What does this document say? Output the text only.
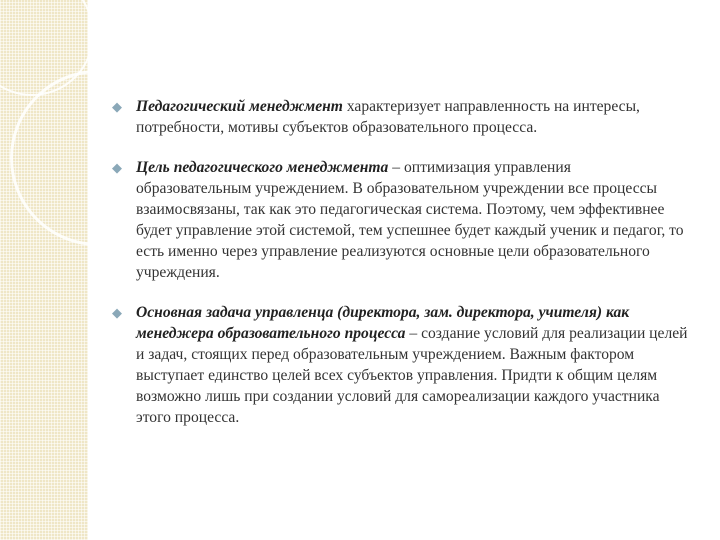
◆ Педагогический менеджмент характеризует направленность на интересы, потребности, мотивы субъектов образовательного процесса.
◆ Цель педагогического менеджмента – оптимизация управления образовательным учреждением. В образовательном учреждении все процессы взаимосвязаны, так как это педагогическая система. Поэтому, чем эффективнее будет управление этой системой, тем успешнее будет каждый ученик и педагог, то есть именно через управление реализуются основные цели образовательного учреждения.
◆ Основная задача управленца (директора, зам. директора, учителя) как менеджера образовательного процесса – создание условий для реализации целей и задач, стоящих перед образовательным учреждением. Важным фактором выступает единство целей всех субъектов управления. Придти к общим целям возможно лишь при создании условий для самореализации каждого участника этого процесса.
